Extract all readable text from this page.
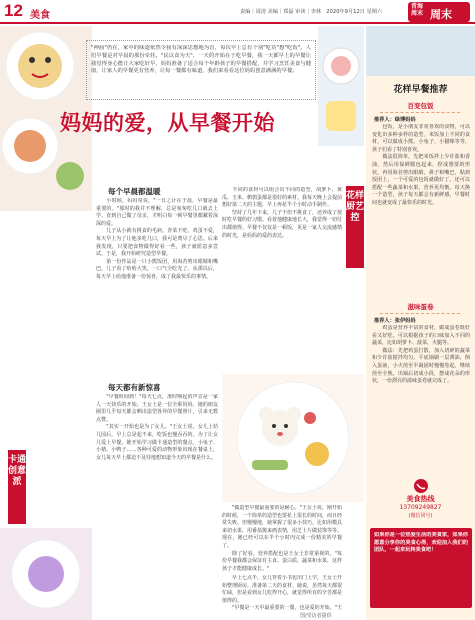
12 美食	责编｜周清 美编｜郑磊 审读｜李林　2020年9月12日 星期六
青海
周末 周末
"神曲"仍在，家中的味道依然令我有深深思想地为首，每次早上总有个别"吃货"想"吃饭"。人们早餐是对早晨的那份牵挂。"民以食为天"，一天的开始在于吃早餐，我一天都早上的早餐让我觉得身心能让大家吃好早，妈妈准备了适合每个年龄孩子的早餐搭配，并学习烹饪美食与健康，让家人的早餐更有营养，让每一餐都有味道，我们来看看这位妈妈创意满满的早餐。
妈妈的爱，从早餐开始
每个早晨都温暖
　　小时候，妈妈常说，"一日之计在于晨，早餐是最重要的。"那时的我并不理解，总是匆匆吃几口就去上学。直到自己做了母亲，才明白每一顿早餐里都藏着深深的爱。
　　儿子从小就有挑食的毛病，青菜不吃，鸡蛋不爱，每天早上为了让他多吃几口，我可是费尽了心思。后来我发现，只要把食物做得好看一些，孩子就愿意多尝试。于是，我开始研究造型早餐。
　　第一份作品是一只小熊饭团，用海苔剪出眼睛和嘴巴，儿子看了哈哈大笑，一口气全吃光了。从那以后，每天早上给他准备一份惊喜，成了我最快乐的事情。
　　不同的食材可以组合出不同的造型，胡萝卜、黄瓜、玉米、鹌鹑蛋都是很好的素材。我每天晚上会提前想好第二天的主题，早上再花半个小时动手制作。
　　坚持了几年下来，儿子不但不挑食了，还养成了按时吃早餐的好习惯。看着他健康地长大，我觉得一切付出都值得。早餐不仅仅是一顿饭，更是一家人交流感情的时光，是妈妈的爱的表达。
花样厨艺控
每天都有新惊喜
卡通创意派
　　"早餐时间到！"每天七点，准时响起的声音是一家人一天快乐的开始。王女士是一位全职妈妈，她的朋友圈里几乎每天都会晒出造型各异的早餐照片，引来无数点赞。
　　"其实一开始也是为了女儿。"王女士说，女儿上幼儿园后，早上总是起不来，吃饭也慢吞吞的。为了让女儿爱上早餐，她开始学习做卡通造型的餐点。小兔子、小猪、小鸭子……各种可爱的动物形象出现在餐桌上，女儿每天早上都迫不及待地想知道今天的早餐是什么。
　　"做造型早餐最重要的是耐心。"王女士说，刚开始的时候，一个简单的造型也要花上很长的时间，而且经常失败。但慢慢地，她掌握了很多小技巧，比如用模具来切水果，用番茄酱来画表情，用芝士片做装饰等等。现在，她已经可以在半个小时内完成一份精美的早餐了。
　　除了好看，营养搭配也是王女士非常重视的。"每份早餐我都会保证有主食、蛋白质、蔬菜和水果，这样孩子才能健康成长。"
　　早上七点半，女儿背着小书包出门上学，王女士开始整理厨房，准备第二天的食材。她说，虽然每天都很忙碌，但是看到女儿吃得开心，就觉得所有的辛苦都是值得的。
　　"早餐是一天中最重要的一餐，也是爱的开始。"王

图/受访者提供
花样早餐推荐
百变包饭
推荐人：绿博妈妈
　　包饭，是小朋友非常喜欢的食物，可以变化出多种多样的造型。米饭加上不同的食材，可以做成小熊、小兔子、小猫咪等等，孩子们看了特别喜欢。
　　做法很简单，先把米饭拌上少许盐和香油，然后用保鲜膜包起来，捏成想要的形状。再用海苔剪出眼睛、鼻子和嘴巴，粘到饭团上，一个可爱的包饭就做好了。还可以搭配一些蔬菜和水果，营养更均衡。每天换一个造型，孩子每天都会有新鲜感，早餐时间也就变成了最快乐的时光。
滋味蛋卷
推荐人：张伊妈妈
　　鸡蛋是营养丰富的食材，做成蛋卷既好看又好吃。可以根据孩子的口味加入不同的蔬菜，比如胡萝卜、菠菜、火腿等。
　　做法：先把鸡蛋打散，加入切碎的蔬菜和少许盐搅拌均匀。平底锅刷一层薄油，倒入蛋液，小火煎至半凝固时慢慢卷起，继续煎至全熟。出锅后切成小段，摆成花朵的形状，一份漂亮的滋味蛋卷就完成了。
美食热线
13709249827
(微信同号)
如果你是一位热爱生活的美食家，如果你愿意分享你的美食心得，欢迎加入我们的团队，一起来玩转美食吧！
